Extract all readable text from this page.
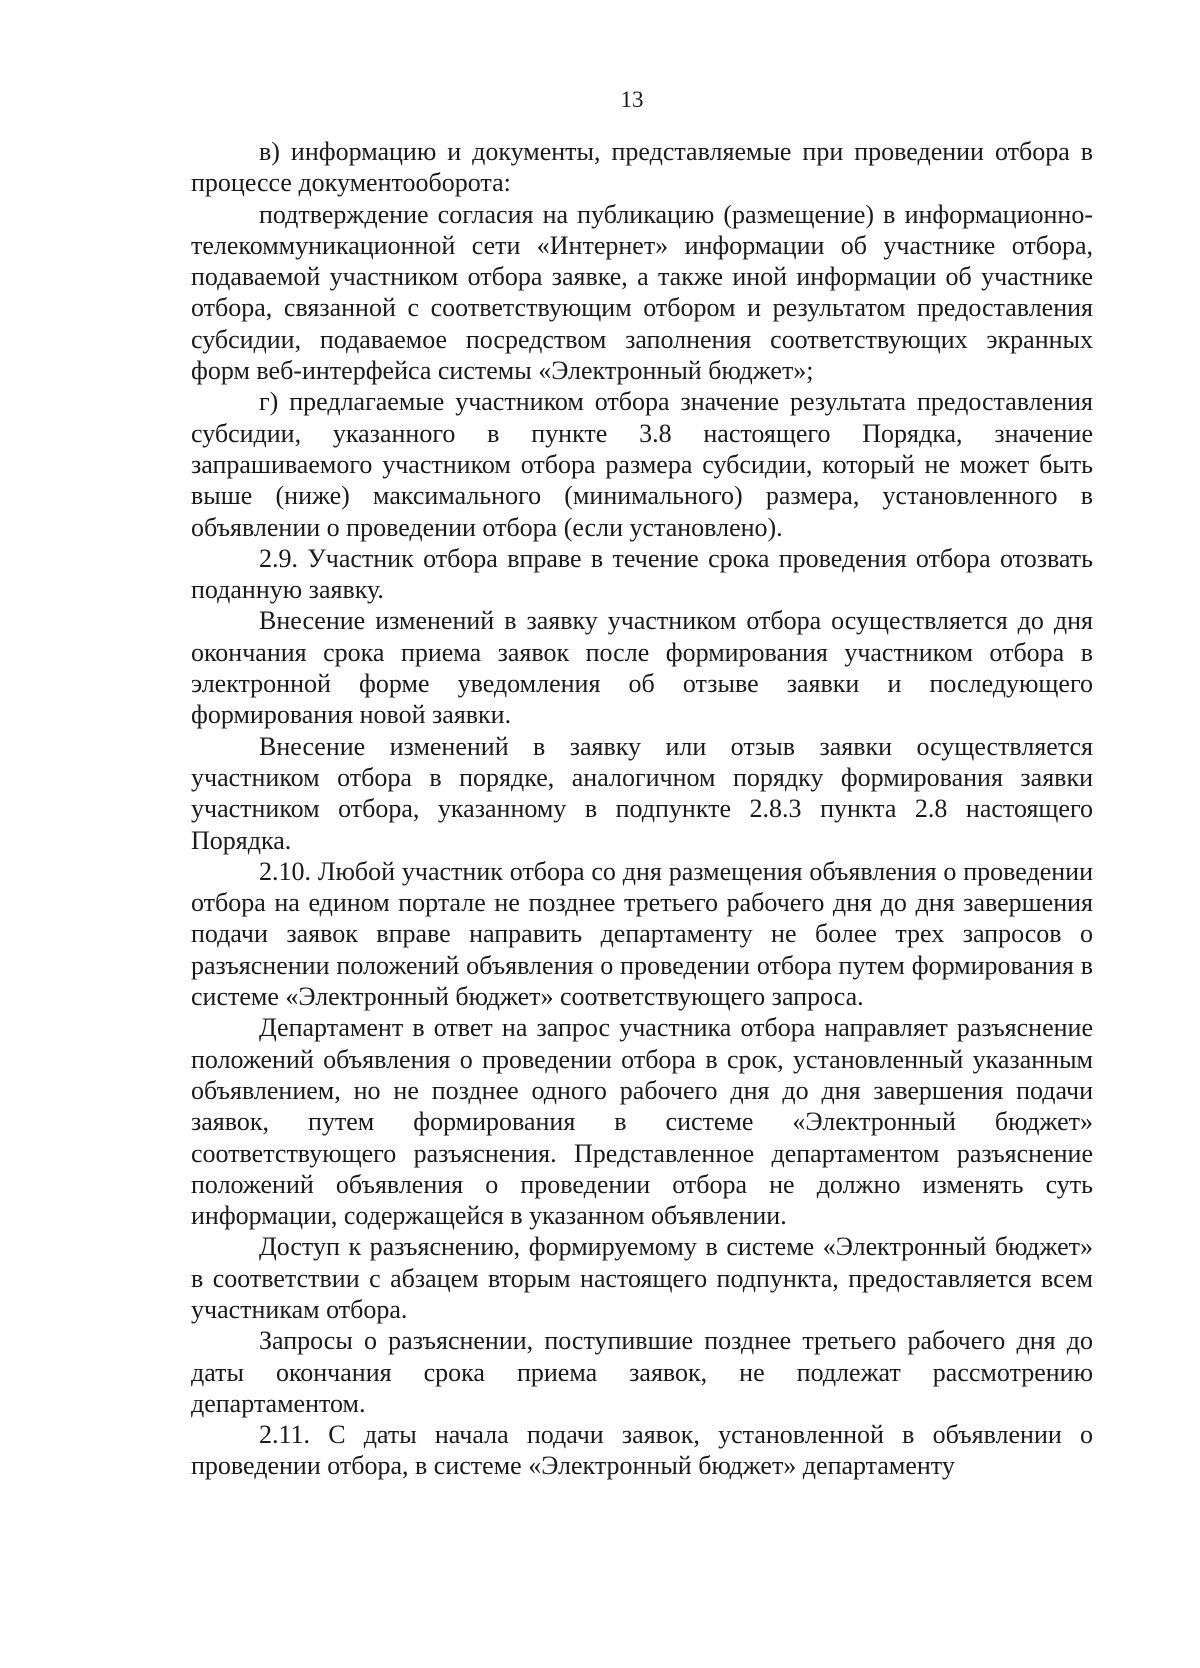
13

в) информацию и документы, представляемые при проведении отбора в процессе документооборота:

подтверждение согласия на публикацию (размещение) в информационно-телекоммуникационной сети «Интернет» информации об участнике отбора, подаваемой участником отбора заявке, а также иной информации об участнике отбора, связанной с соответствующим отбором и результатом предоставления субсидии, подаваемое посредством заполнения соответствующих экранных форм веб-интерфейса системы «Электронный бюджет»;

г) предлагаемые участником отбора значение результата предоставления субсидии, указанного в пункте 3.8 настоящего Порядка, значение запрашиваемого участником отбора размера субсидии, который не может быть выше (ниже) максимального (минимального) размера, установленного в объявлении о проведении отбора (если установлено).

2.9. Участник отбора вправе в течение срока проведения отбора отозвать поданную заявку.

Внесение изменений в заявку участником отбора осуществляется до дня окончания срока приема заявок после формирования участником отбора в электронной форме уведомления об отзыве заявки и последующего формирования новой заявки.

Внесение изменений в заявку или отзыв заявки осуществляется участником отбора в порядке, аналогичном порядку формирования заявки участником отбора, указанному в подпункте 2.8.3 пункта 2.8 настоящего Порядка.

2.10. Любой участник отбора со дня размещения объявления о проведении отбора на едином портале не позднее третьего рабочего дня до дня завершения подачи заявок вправе направить департаменту не более трех запросов о разъяснении положений объявления о проведении отбора путем формирования в системе «Электронный бюджет» соответствующего запроса.

Департамент в ответ на запрос участника отбора направляет разъяснение положений объявления о проведении отбора в срок, установленный указанным объявлением, но не позднее одного рабочего дня до дня завершения подачи заявок, путем формирования в системе «Электронный бюджет» соответствующего разъяснения. Представленное департаментом разъяснение положений объявления о проведении отбора не должно изменять суть информации, содержащейся в указанном объявлении.

Доступ к разъяснению, формируемому в системе «Электронный бюджет» в соответствии с абзацем вторым настоящего подпункта, предоставляется всем участникам отбора.

Запросы о разъяснении, поступившие позднее третьего рабочего дня до даты окончания срока приема заявок, не подлежат рассмотрению департаментом.

2.11. С даты начала подачи заявок, установленной в объявлении о проведении отбора, в системе «Электронный бюджет» департаменту
